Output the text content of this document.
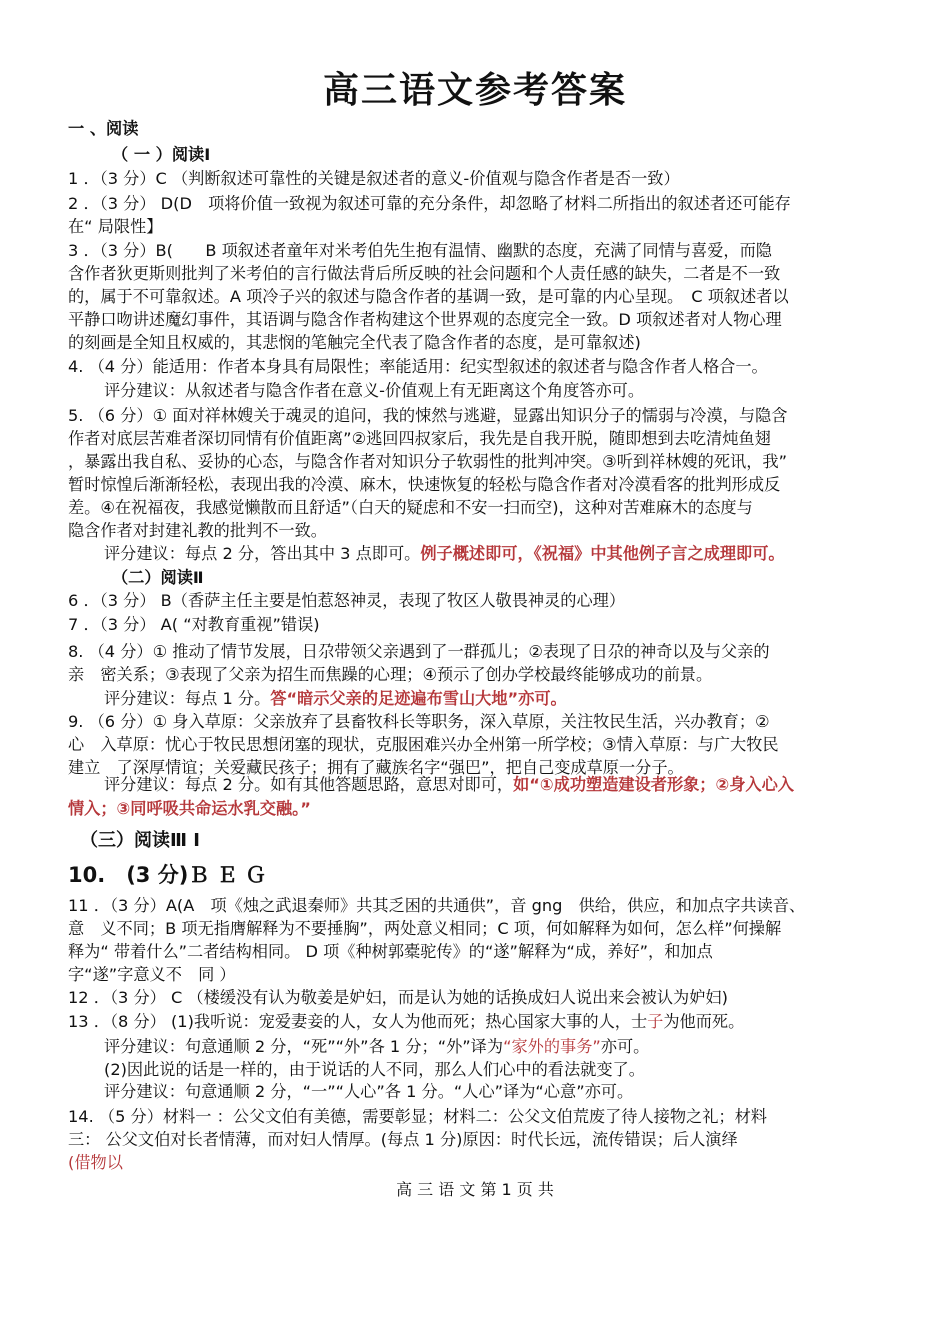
高三语文参考答案
一 、阅读
（ 一 ）阅读Ⅰ
1 ．（3 分）C （判断叙述可靠性的关键是叙述者的意义-价值观与隐含作者是否一致）
2 ．（3 分） D(D　项将价值一致视为叙述可靠的充分条件，却忽略了材料二所指出的叙述者还可能存
在“ 局限性】
3 ．（3 分）B(　　B 项叙述者童年对米考伯先生抱有温情、幽默的态度，充满了同情与喜爱，而隐
含作者狄更斯则批判了米考伯的言行做法背后所反映的社会问题和个人责任感的缺失，二者是不一致
的，属于不可靠叙述。A 项冷子兴的叙述与隐含作者的基调一致，是可靠的内心呈现。　C 项叙述者以
平静口吻讲述魔幻事件，其语调与隐含作者构建这个世界观的态度完全一致。D 项叙述者对人物心理
的刻画是全知且权威的，其悲悯的笔触完全代表了隐含作者的态度，是可靠叙述)
4. （4 分）能适用：作者本身具有局限性；率能适用：纪实型叙述的叙述者与隐含作者人格合一。
评分建议：从叙述者与隐含作者在意义-价值观上有无距离这个角度答亦可。
5. （6 分）① 面对祥林嫂关于魂灵的追问，我的悚然与逃避，显露出知识分子的懦弱与冷漠，与隐含
作者对底层苦难者深切同情有价值距离”②逃回四叔家后，我先是自我开脱，随即想到去吃清炖鱼翅
，暴露出我自私、妥协的心态，与隐含作者对知识分子软弱性的批判冲突。③听到祥林嫂的死讯，我”
暂时惊惶后渐渐轻松，表现出我的冷漠、麻木，快速恢复的轻松与隐含作者对冷漠看客的批判形成反
差。④在祝福夜，我感觉懒散而且舒适”（白天的疑虑和不安一扫而空)，这种对苦难麻木的态度与
隐含作者对封建礼教的批判不一致。
评分建议：每点 2 分，答出其中 3 点即可。例子概述即可，《祝福》中其他例子言之成理即可。
（二）阅读Ⅱ
6 ．（3 分） B（香萨主任主要是怕惹怒神灵，表现了牧区人敬畏神灵的心理）
7 ．（3 分） A( “对教育重视”错误)
8. （4 分）① 推动了情节发展，日尕带领父亲遇到了一群孤儿；②表现了日尕的神奇以及与父亲的
亲　密关系；③表现了父亲为招生而焦躁的心理；④预示了创办学校最终能够成功的前景。
评分建议：每点 1 分。答“暗示父亲的足迹遍布雪山大地”亦可。
9. （6 分）① 身入草原：父亲放弃了县畜牧科长等职务，深入草原，关注牧民生活，兴办教育；②
心　入草原：忧心于牧民思想闭塞的现状，克服困难兴办全州第一所学校；③情入草原：与广大牧民
建立　了深厚情谊；关爱藏民孩子；拥有了藏族名字“强巴”，把自己变成草原一分子。
评分建议：每点 2 分。如有其他答题思路，意思对即可，如“①成功塑造建设者形象；②身入心入
情入；③同呼吸共命运水乳交融。”
（三）阅读Ⅲ Ⅰ
10.　(3 分)Ｂ Ｅ Ｇ
11 ．（3 分）A(A　项《烛之武退秦师》共其乏困的共通供”，音 gng　供给，供应，和加点字共读音、
意　义不同；B 项无指膺解释为不要捶胸”，两处意义相同；C 项，何如解释为如何，怎么样”何操解
释为“ 带着什么”二者结构相同。 D 项《种树郭橐驼传》的“遂”解释为“成，养好”，和加点
字“遂”字意义不　同 ）
12 ．（3 分） C （楼缓没有认为敬姜是妒妇，而是认为她的话换成妇人说出来会被认为妒妇)
13 ．（8 分） (1)我听说：宠爱妻妾的人，女人为他而死；热心国家大事的人，士子为他而死。
评分建议：句意通顺 2 分，“死”“外”各 1 分；“外”译为“家外的事务”亦可。
(2)因此说的话是一样的，由于说话的人不同，那么人们心中的看法就变了。
评分建议：句意通顺 2 分，“一”“人心”各 1 分。“人心”译为“心意”亦可。
14. （5 分）材料一 ：公父文伯有美德，需要彰显；材料二：公父文伯荒废了待人接物之礼；材料
三： 公父文伯对长者情薄，而对妇人情厚。(每点 1 分)原因：时代长远，流传错误；后人演绎
(借物以
高 三 语 文 第 1 页 共
